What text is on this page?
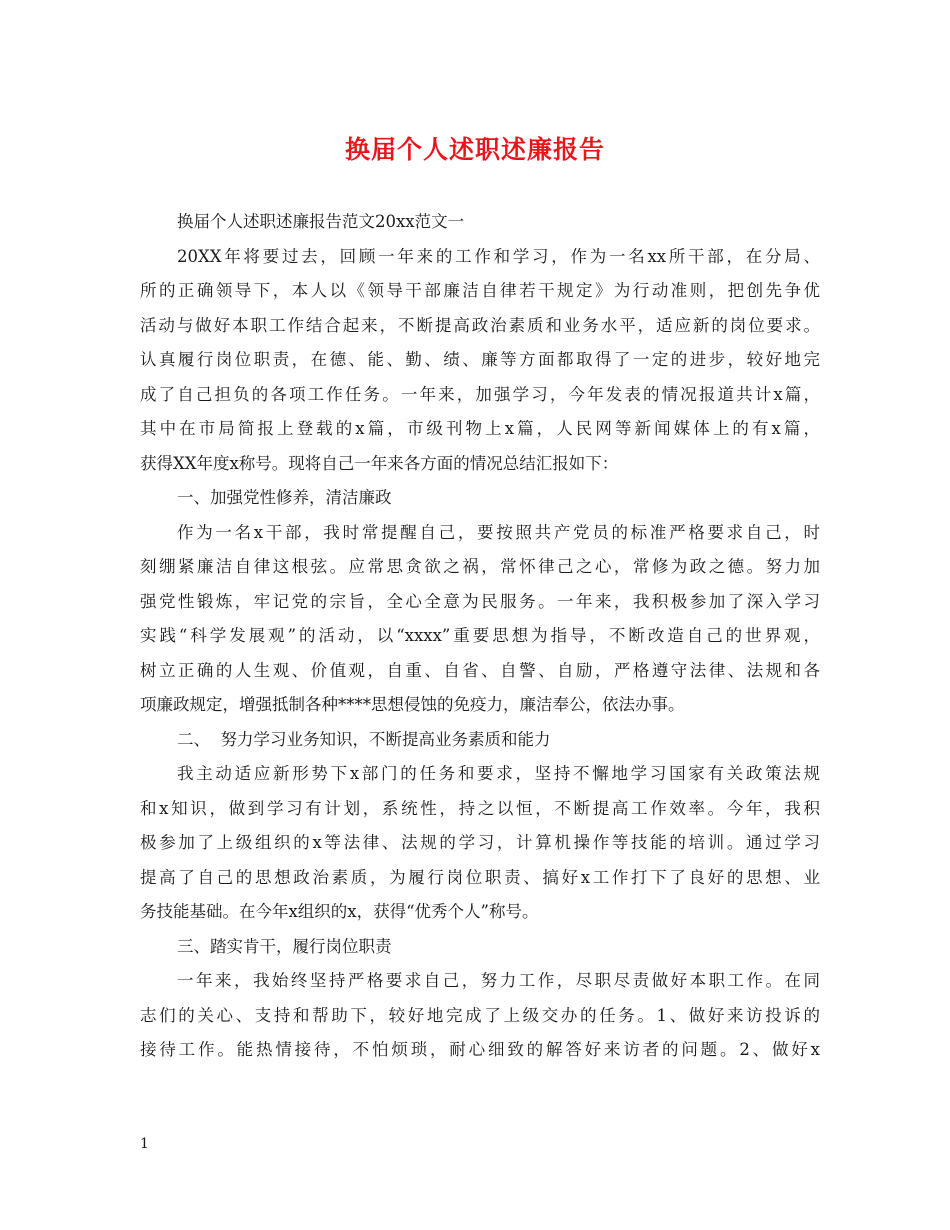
换届个人述职述廉报告
换届个人述职述廉报告范文20xx范文一
20XX年将要过去，回顾一年来的工作和学习，作为一名xx所干部，在分局、
所的正确领导下，本人以《领导干部廉洁自律若干规定》为行动准则，把创先争优
活动与做好本职工作结合起来，不断提高政治素质和业务水平，适应新的岗位要求。
认真履行岗位职责，在德、能、勤、绩、廉等方面都取得了一定的进步，较好地完
成了自己担负的各项工作任务。一年来，加强学习，今年发表的情况报道共计x篇，
其中在市局简报上登载的x篇，市级刊物上x篇，人民网等新闻媒体上的有x篇，
获得XX年度x称号。现将自己一年来各方面的情况总结汇报如下：
一、加强党性修养，清洁廉政
作为一名x干部，我时常提醒自己，要按照共产党员的标准严格要求自己，时
刻绷紧廉洁自律这根弦。应常思贪欲之祸，常怀律己之心，常修为政之德。努力加
强党性锻炼，牢记党的宗旨，全心全意为民服务。一年来，我积极参加了深入学习
实践“科学发展观”的活动，以“xxxx”重要思想为指导，不断改造自己的世界观，
树立正确的人生观、价值观，自重、自省、自警、自励，严格遵守法律、法规和各
项廉政规定，增强抵制各种****思想侵蚀的免疫力，廉洁奉公，依法办事。
二、  努力学习业务知识，不断提高业务素质和能力
我主动适应新形势下x部门的任务和要求，坚持不懈地学习国家有关政策法规
和x知识，做到学习有计划，系统性，持之以恒，不断提高工作效率。今年，我积
极参加了上级组织的x等法律、法规的学习，计算机操作等技能的培训。通过学习
提高了自己的思想政治素质，为履行岗位职责、搞好x工作打下了良好的思想、业
务技能基础。在今年x组织的x，获得“优秀个人”称号。
三、踏实肯干，履行岗位职责
一年来，我始终坚持严格要求自己，努力工作，尽职尽责做好本职工作。在同
志们的关心、支持和帮助下，较好地完成了上级交办的任务。1、做好来访投诉的
接待工作。能热情接待，不怕烦琐，耐心细致的解答好来访者的问题。2、做好x
1
